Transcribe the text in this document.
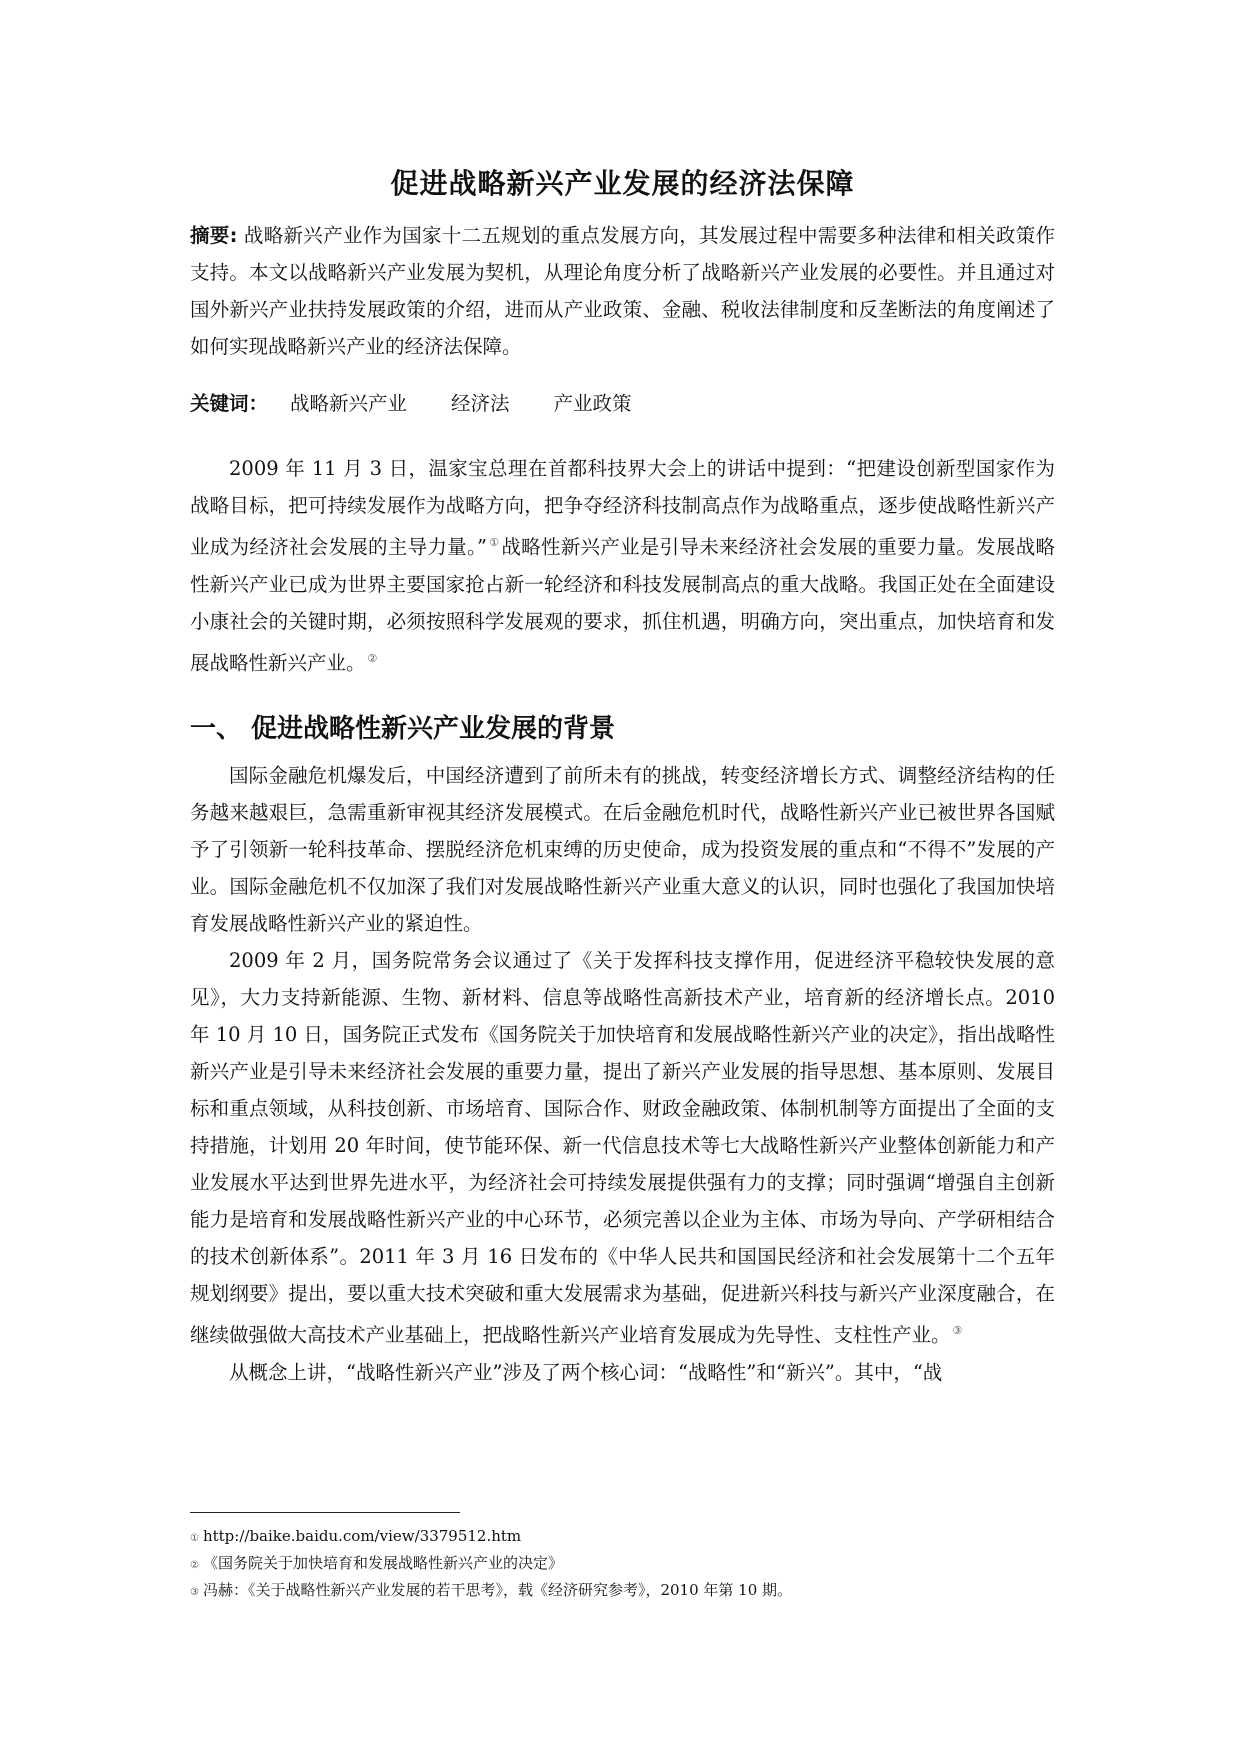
促进战略新兴产业发展的经济法保障
摘要: 战略新兴产业作为国家十二五规划的重点发展方向，其发展过程中需要多种法律和相关政策作支持。本文以战略新兴产业发展为契机，从理论角度分析了战略新兴产业发展的必要性。并且通过对国外新兴产业扶持发展政策的介绍，进而从产业政策、金融、税收法律制度和反垄断法的角度阐述了如何实现战略新兴产业的经济法保障。
关键词： 战略新兴产业 经济法 产业政策

2009 年 11 月 3 日，温家宝总理在首都科技界大会上的讲话中提到：“把建设创新型国家作为战略目标，把可持续发展作为战略方向，把争夺经济科技制高点作为战略重点，逐步使战略性新兴产业成为经济社会发展的主导力量。” ① 战略性新兴产业是引导未来经济社会发展的重要力量。发展战略性新兴产业已成为世界主要国家抢占新一轮经济和科技发展制高点的重大战略。我国正处在全面建设小康社会的关键时期，必须按照科学发展观的要求，抓住机遇，明确方向，突出重点，加快培育和发展战略性新兴产业。 ②

一、 促进战略性新兴产业发展的背景

国际金融危机爆发后，中国经济遭到了前所未有的挑战，转变经济增长方式、调整经济结构的任务越来越艰巨，急需重新审视其经济发展模式。在后金融危机时代，战略性新兴产业已被世界各国赋予了引领新一轮科技革命、摆脱经济危机束缚的历史使命，成为投资发展的重点和“不得不”发展的产业。国际金融危机不仅加深了我们对发展战略性新兴产业重大意义的认识，同时也强化了我国加快培育发展战略性新兴产业的紧迫性。

2009 年 2 月，国务院常务会议通过了《关于发挥科技支撑作用，促进经济平稳较快发展的意见》，大力支持新能源、生物、新材料、信息等战略性高新技术产业，培育新的经济增长点。2010 年 10 月 10 日，国务院正式发布《国务院关于加快培育和发展战略性新兴产业的决定》，指出战略性新兴产业是引导未来经济社会发展的重要力量，提出了新兴产业发展的指导思想、基本原则、发展目标和重点领域，从科技创新、市场培育、国际合作、财政金融政策、体制机制等方面提出了全面的支持措施，计划用 20 年时间，使节能环保、新一代信息技术等七大战略性新兴产业整体创新能力和产业发展水平达到世界先进水平，为经济社会可持续发展提供强有力的支撑；同时强调“增强自主创新能力是培育和发展战略性新兴产业的中心环节，必须完善以企业为主体、市场为导向、产学研相结合的技术创新体系”。2011 年 3 月 16 日发布的《中华人民共和国国民经济和社会发展第十二个五年规划纲要》提出，要以重大技术突破和重大发展需求为基础，促进新兴科技与新兴产业深度融合，在继续做强做大高技术产业基础上，把战略性新兴产业培育发展成为先导性、支柱性产业。 ③

从概念上讲，“战略性新兴产业”涉及了两个核心词：“战略性”和“新兴”。其中，“战

① http://baike.baidu.com/view/3379512.htm
② 《国务院关于加快培育和发展战略性新兴产业的决定》
③ 冯赫：《关于战略性新兴产业发展的若干思考》，载《经济研究参考》，2010 年第 10 期。
